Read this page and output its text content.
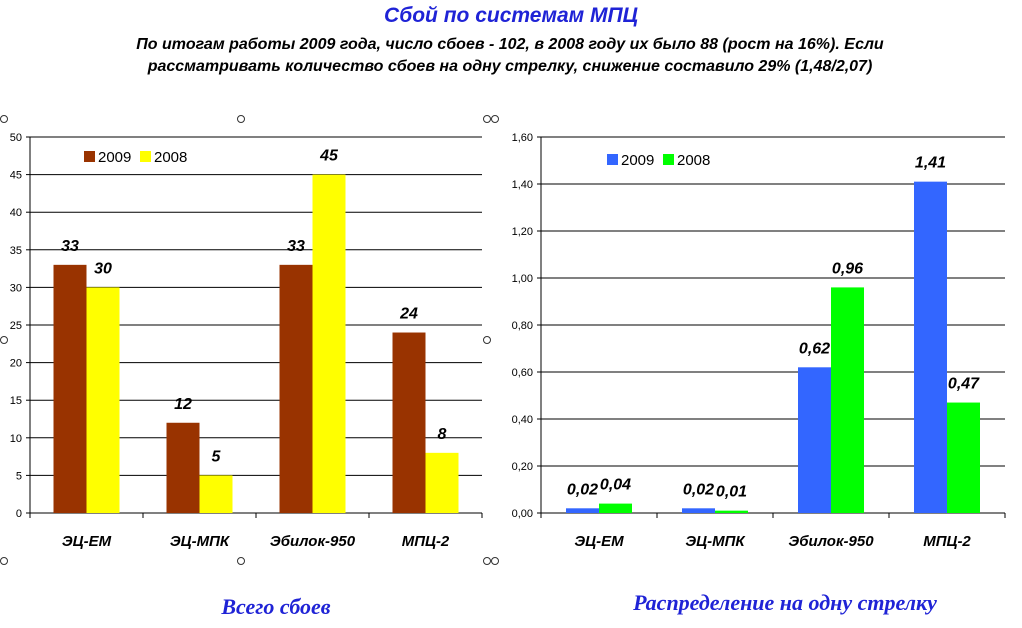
Сбой по системам МПЦ
По итогам работы 2009 года, число сбоев - 102, в 2008 году их было 88 (рост на 16%). Если
рассматривать количество сбоев на одну стрелку, снижение составило 29% (1,48/2,07)
0
5
10
15
20
25
30
35
40
45
50
33
30
ЭЦ-ЕМ
12
5
ЭЦ-МПК
33
45
Эбилок-950
24
8
МПЦ-2
2009 2008
0,00
0,20
0,40
0,60
0,80
1,00
1,20
1,40
1,60
0,02 0,04
ЭЦ-ЕМ
0,02 0,01
ЭЦ-МПК
0,62
0,96
Эбилок-950
1,41
0,47
МПЦ-2
2009 2008
Всего сбоев	Распределение на одну стрелку
